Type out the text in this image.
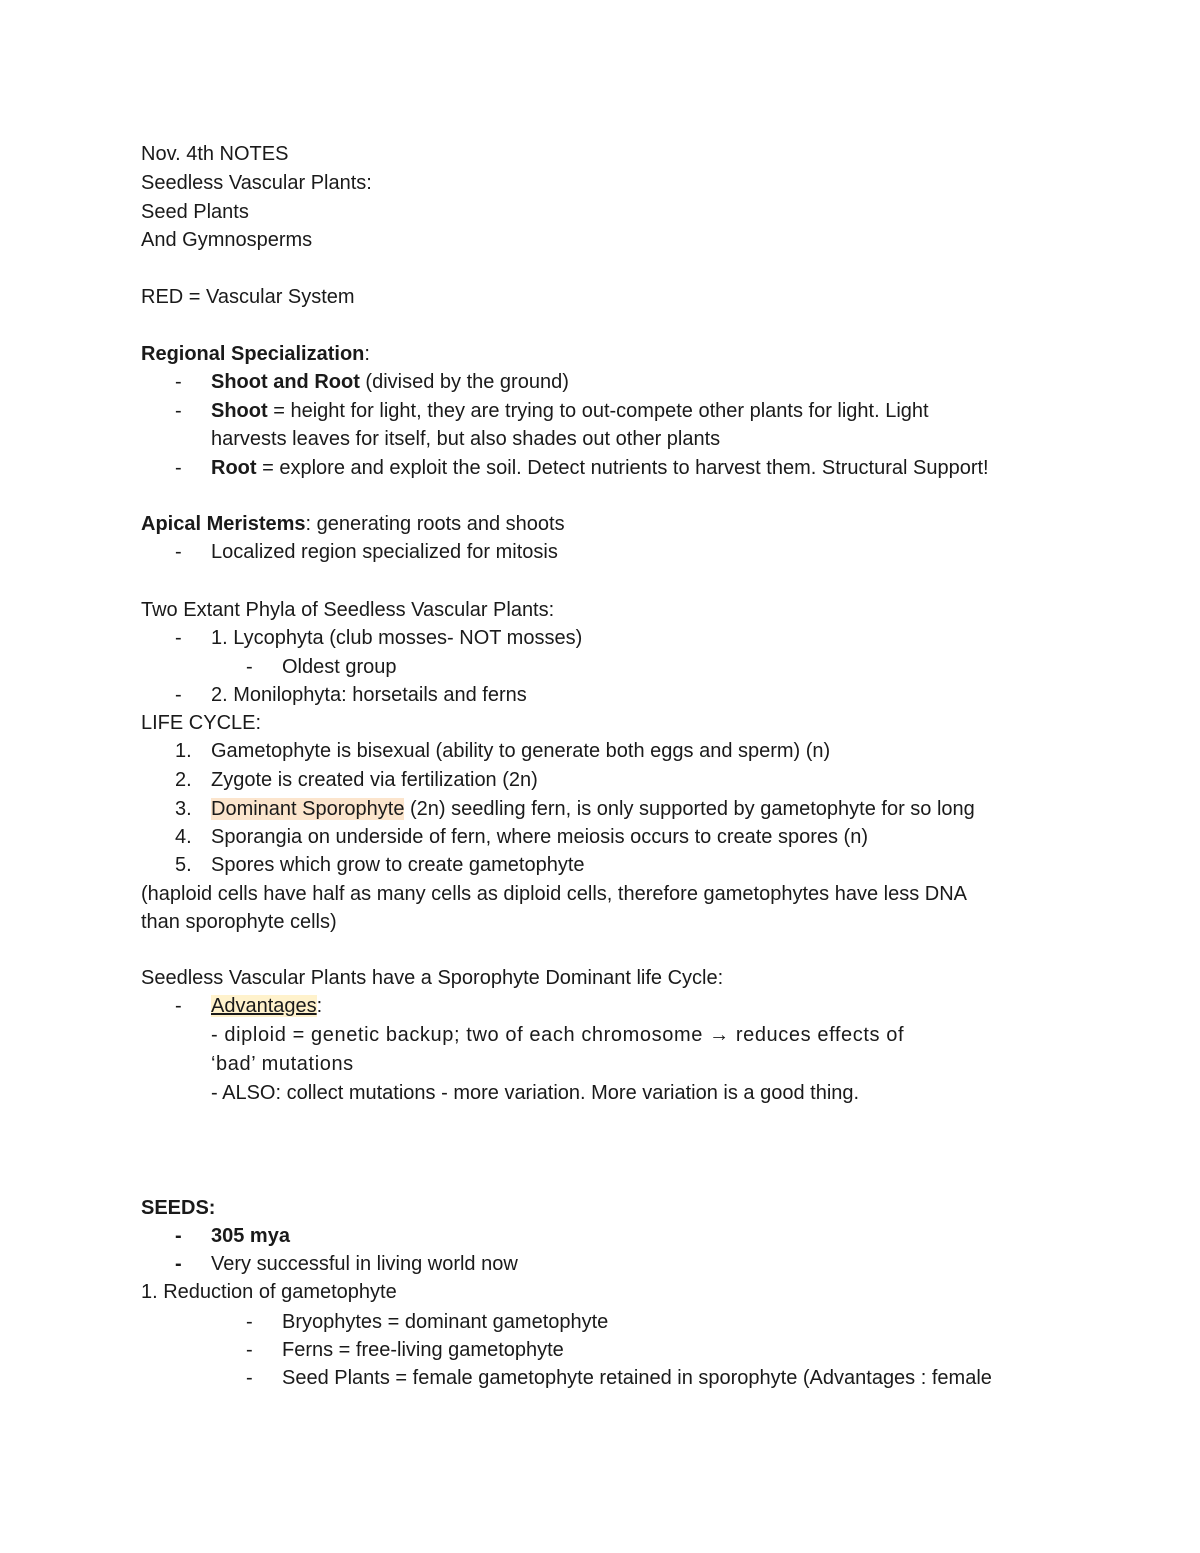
Nov. 4th NOTES
Seedless Vascular Plants:
Seed Plants
And Gymnosperms
RED = Vascular System
Regional Specialization:
- Shoot and Root (divised by the ground)
- Shoot = height for light, they are trying to out-compete other plants for light. Light
harvests leaves for itself, but also shades out other plants
- Root = explore and exploit the soil. Detect nutrients to harvest them. Structural Support!
Apical Meristems: generating roots and shoots
- Localized region specialized for mitosis
Two Extant Phyla of Seedless Vascular Plants:
- 1. Lycophyta (club mosses- NOT mosses)
- Oldest group
- 2. Monilophyta: horsetails and ferns
LIFE CYCLE:
1. Gametophyte is bisexual (ability to generate both eggs and sperm) (n)
2. Zygote is created via fertilization (2n)
3. Dominant Sporophyte (2n) seedling fern, is only supported by gametophyte for so long
4. Sporangia on underside of fern, where meiosis occurs to create spores (n)
5. Spores which grow to create gametophyte
(haploid cells have half as many cells as diploid cells, therefore gametophytes have less DNA
than sporophyte cells)
Seedless Vascular Plants have a Sporophyte Dominant life Cycle:
- Advantages:
- diploid = genetic backup; two of each chromosome → reduces effects of
‘bad’ mutations
- ALSO: collect mutations - more variation. More variation is a good thing.
SEEDS:
- 305 mya
- Very successful in living world now
1. Reduction of gametophyte
- Bryophytes = dominant gametophyte
- Ferns = free-living gametophyte
- Seed Plants = female gametophyte retained in sporophyte (Advantages : female
